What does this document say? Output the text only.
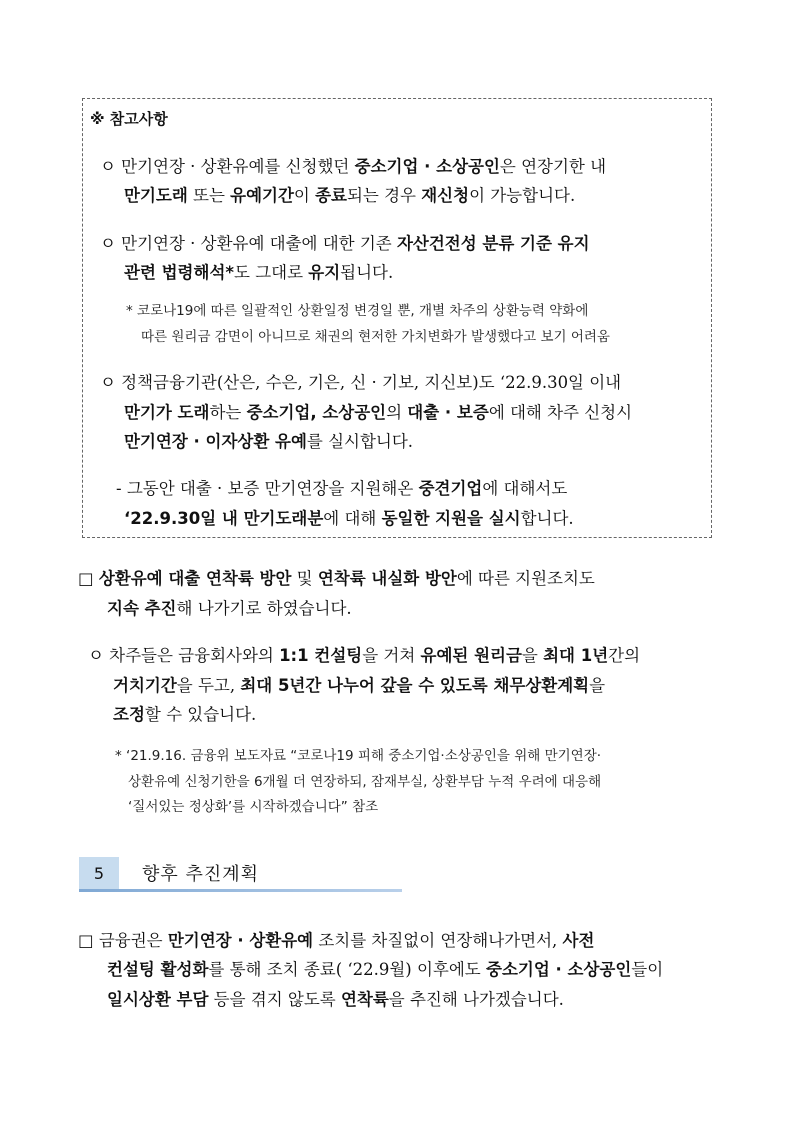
※ 참고사항
ㅇ 만기연장 · 상환유예를 신청했던 중소기업 · 소상공인은 연장기한 내
만기도래 또는 유예기간이 종료되는 경우 재신청이 가능합니다.
ㅇ 만기연장 · 상환유예 대출에 대한 기존 자산건전성 분류 기준 유지
관련 법령해석*도 그대로 유지됩니다.
* 코로나19에 따른 일괄적인 상환일정 변경일 뿐, 개별 차주의 상환능력 약화에
따른 원리금 감면이 아니므로 채권의 현저한 가치변화가 발생했다고 보기 어려움
ㅇ 정책금융기관(산은, 수은, 기은, 신 · 기보, 지신보)도 ‘22.9.30일 이내
만기가 도래하는 중소기업, 소상공인의 대출 · 보증에 대해 차주 신청시
만기연장 · 이자상환 유예를 실시합니다.
- 그동안 대출 · 보증 만기연장을 지원해온 중견기업에 대해서도
‘22.9.30일 내 만기도래분에 대해 동일한 지원을 실시합니다.
□ 상환유예 대출 연착륙 방안 및 연착륙 내실화 방안에 따른 지원조치도
지속 추진해 나가기로 하였습니다.
ㅇ 차주들은 금융회사와의 1:1 컨설팅을 거쳐 유예된 원리금을 최대 1년간의
거치기간을 두고, 최대 5년간 나누어 갚을 수 있도록 채무상환계획을
조정할 수 있습니다.
* ‘21.9.16. 금융위 보도자료 “코로나19 피해 중소기업·소상공인을 위해 만기연장·
상환유예 신청기한을 6개월 더 연장하되, 잠재부실, 상환부담 누적 우려에 대응해
‘질서있는 정상화’를 시작하겠습니다” 참조
5	향후 추진계획
□ 금융권은 만기연장 · 상환유예 조치를 차질없이 연장해나가면서, 사전
컨설팅 활성화를 통해 조치 종료( ‘22.9월) 이후에도 중소기업 · 소상공인들이
일시상환 부담 등을 겪지 않도록 연착륙을 추진해 나가겠습니다.
